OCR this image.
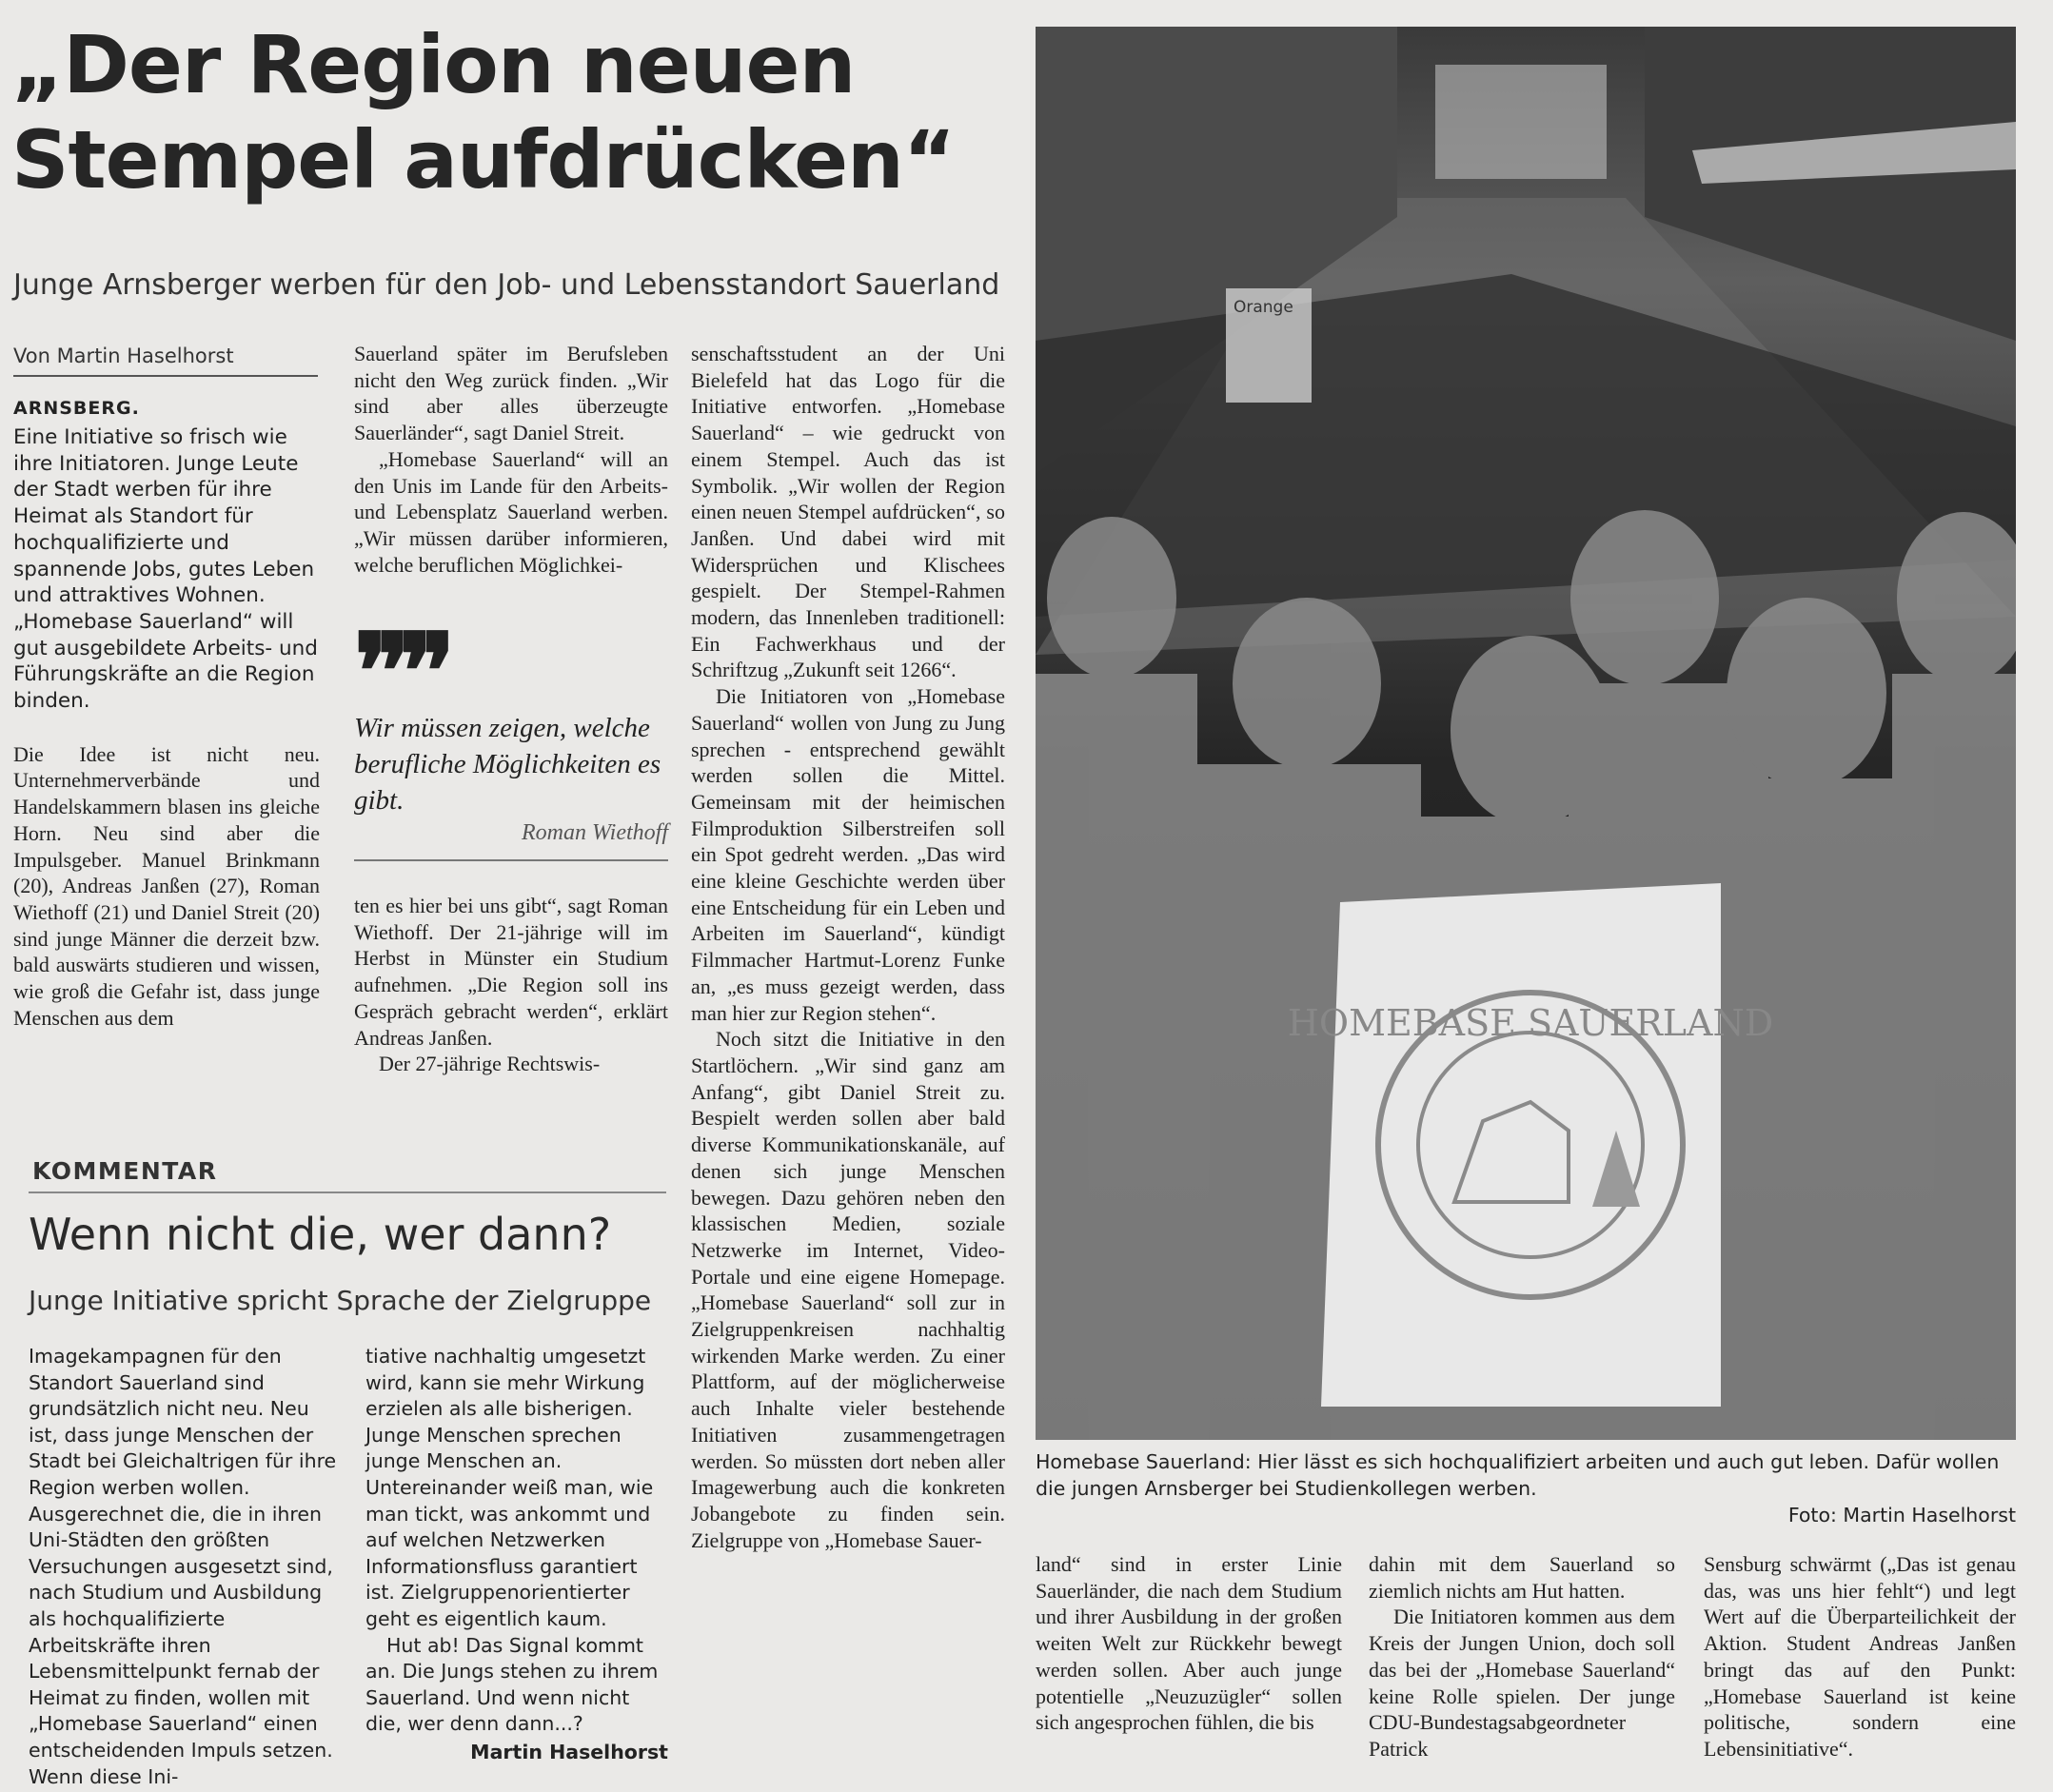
„Der Region neuen
Stempel aufdrücken“
Junge Arnsberger werben für den Job- und Lebensstandort Sauerland
Von Martin Haselhorst
ARNSBERG.

Eine Initiative so frisch wie ihre Initiatoren. Junge Leute der Stadt werben für ihre Heimat als Standort für hochqualifizierte und spannende Jobs, gutes Leben und attraktives Wohnen. „Homebase Sauerland“ will gut ausgebildete Arbeits- und Führungskräfte an die Region binden.

Die Idee ist nicht neu. Unternehmerverbände und Handelskammern blasen ins gleiche Horn. Neu sind aber die Impulsgeber. Manuel Brinkmann (20), Andreas Janßen (27), Roman Wiethoff (21) und Daniel Streit (20) sind junge Männer die derzeit bzw. bald auswärts studieren und wissen, wie groß die Gefahr ist, dass junge Menschen aus dem

Sauerland später im Berufsleben nicht den Weg zurück finden. „Wir sind aber alles überzeugte Sauerländer“, sagt Daniel Streit.

„Homebase Sauerland“ will an den Unis im Lande für den Arbeits- und Lebensplatz Sauerland werben. „Wir müssen darüber informieren, welche beruflichen Möglichkei-

❞❞
Wir müssen zeigen, welche berufliche Möglichkeiten es gibt.
Roman Wiethoff

ten es hier bei uns gibt“, sagt Roman Wiethoff. Der 21-jährige will im Herbst in Münster ein Studium aufnehmen. „Die Region soll ins Gespräch gebracht werden“, erklärt Andreas Janßen.

Der 27-jährige Rechtswis-

senschaftsstudent an der Uni Bielefeld hat das Logo für die Initiative entworfen. „Homebase Sauerland“ – wie gedruckt von einem Stempel. Auch das ist Symbolik. „Wir wollen der Region einen neuen Stempel aufdrücken“, so Janßen. Und dabei wird mit Widersprüchen und Klischees gespielt. Der Stempel-Rahmen modern, das Innenleben traditionell: Ein Fachwerkhaus und der Schriftzug „Zukunft seit 1266“.

Die Initiatoren von „Homebase Sauerland“ wollen von Jung zu Jung sprechen - entsprechend gewählt werden sollen die Mittel. Gemeinsam mit der heimischen Filmproduktion Silberstreifen soll ein Spot gedreht werden. „Das wird eine kleine Geschichte werden über eine Entscheidung für ein Leben und Arbeiten im Sauerland“, kündigt Filmmacher Hartmut-Lorenz Funke an, „es muss gezeigt werden, dass man hier zur Region stehen“.

Noch sitzt die Initiative in den Startlöchern. „Wir sind ganz am Anfang“, gibt Daniel Streit zu. Bespielt werden sollen aber bald diverse Kommunikationskanäle, auf denen sich junge Menschen bewegen. Dazu gehören neben den klassischen Medien, soziale Netzwerke im Internet, Video-Portale und eine eigene Homepage. „Homebase Sauerland“ soll zur in Zielgruppenkreisen nachhaltig wirkenden Marke werden. Zu einer Plattform, auf der möglicherweise auch Inhalte vieler bestehende Initiativen zusammengetragen werden. So müssten dort neben aller Imagewerbung auch die konkreten Jobangebote zu finden sein. Zielgruppe von „Homebase Sauer-

KOMMENTAR
Wenn nicht die, wer dann?
Junge Initiative spricht Sprache der Zielgruppe

Imagekampagnen für den Standort Sauerland sind grundsätzlich nicht neu. Neu ist, dass junge Menschen der Stadt bei Gleichaltrigen für ihre Region werben wollen. Ausgerechnet die, die in ihren Uni-Städten den größten Versuchungen ausgesetzt sind, nach Studium und Ausbildung als hochqualifizierte Arbeitskräfte ihren Lebensmittelpunkt fernab der Heimat zu finden, wollen mit „Homebase Sauerland“ einen entscheidenden Impuls setzen. Wenn diese Ini-

tiative nachhaltig umgesetzt wird, kann sie mehr Wirkung erzielen als alle bisherigen. Junge Menschen sprechen junge Menschen an. Untereinander weiß man, wie man tickt, was ankommt und auf welchen Netzwerken Informationsfluss garantiert ist. Zielgruppenorientierter geht es eigentlich kaum.

Hut ab! Das Signal kommt an. Die Jungs stehen zu ihrem Sauerland. Und wenn nicht die, wer denn dann...?

Martin Haselhorst
Orange
HOMEBASE SAUERLAND
Homebase Sauerland: Hier lässt es sich hochqualifiziert arbeiten und auch gut leben. Dafür wollen die jungen Arnsberger bei Studienkollegen werben.
Foto: Martin Haselhorst

land“ sind in erster Linie Sauerländer, die nach dem Studium und ihrer Ausbildung in der großen weiten Welt zur Rückkehr bewegt werden sollen. Aber auch junge potentielle „Neuzuzügler“ sollen sich angesprochen fühlen, die bis

dahin mit dem Sauerland so ziemlich nichts am Hut hatten.

Die Initiatoren kommen aus dem Kreis der Jungen Union, doch soll das bei der „Homebase Sauerland“ keine Rolle spielen. Der junge CDU-Bundestagsabgeordneter Patrick

Sensburg schwärmt („Das ist genau das, was uns hier fehlt“) und legt Wert auf die Überparteilichkeit der Aktion. Student Andreas Janßen bringt das auf den Punkt: „Homebase Sauerland ist keine politische, sondern eine Lebensinitiative“.
